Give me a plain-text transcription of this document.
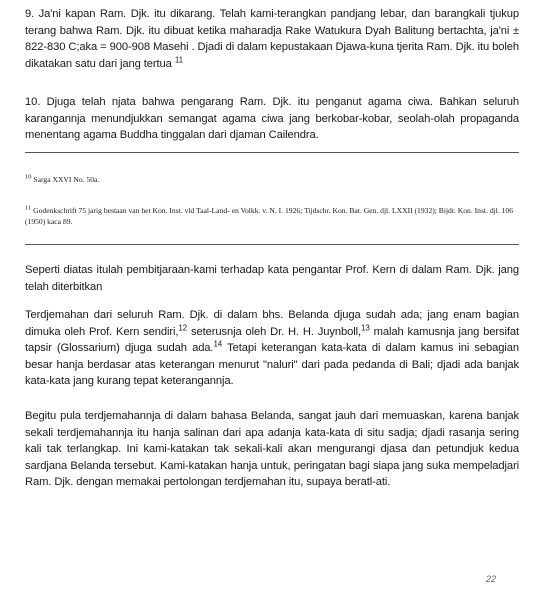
9. Ja'ni kapan Ram. Djk. itu dikarang. Telah kami-terangkan pandjang lebar, dan barangkali tjukup terang bahwa Ram. Djk. itu dibuat ketika maharadja Rake Watukura Dyah Balitung bertachta, ja'ni ± 822-830 C;aka = 900-908 Masehi . Djadi di dalam kepustakaan Djawa-kuna tjerita Ram. Djk. itu boleh dikatakan satu dari jang tertua $^{11}$

10. Djuga telah njata bahwa pengarang Ram. Djk. itu penganut agama ciwa. Bahkan seluruh karangannja menundjukkan semangat agama ciwa jang berkobar-kobar, seolah-olah propaganda menentang agama Buddha tinggalan dari djaman Cailendra.

$^{10}$ Sarga XXVI No. 50a.

$^{11}$ Godenkschrift 75 jarig bestaan van het Kon. Inst. vld Taal-Land- en Volkk. v. N. I. 1926; Tijdschr. Kon. Bat. Gen. djl. LXXII (1932); Bijdr. Kon. Inst. djl. 106 (1950) kaca 89.

Seperti diatas itulah pembitjaraan-kami terhadap kata pengantar Prof. Kern di dalam Ram. Djk. jang telah diterbitkan

Terdjemahan dari seluruh Ram. Djk. di dalam bhs. Belanda djuga sudah ada; jang enam bagian dimuka oleh Prof. Kern sendiri,$^{12}$ seterusnja oleh Dr. H. H. Juynboll,$^{13}$ malah kamusnja jang bersifat tapsir (Glossarium) djuga sudah ada.$^{14}$ Tetapi keterangan kata-kata di dalam kamus ini sebagian besar hanja berdasar atas keterangan menurut "naluri" dari pada pedanda di Bali; djadi ada banjak kata-kata jang kurang tepat keterangannja.

Begitu pula terdjemahannja di dalam bahasa Belanda, sangat jauh dari memuaskan, karena banjak sekali terdjemahannja itu hanja salinan dari apa adanja kata-kata di situ sadja; djadi rasanja sering kali tak terlangkap. Ini kami-katakan tak sekali-kali akan mengurangi djasa dan petundjuk kedua sardjana Belanda tersebut. Kami-katakan hanja untuk, peringatan bagi siapa jang suka mempeladjari Ram. Djk. dengan memakai pertolongan terdjemahan itu, supaya beratl-ati.

22
